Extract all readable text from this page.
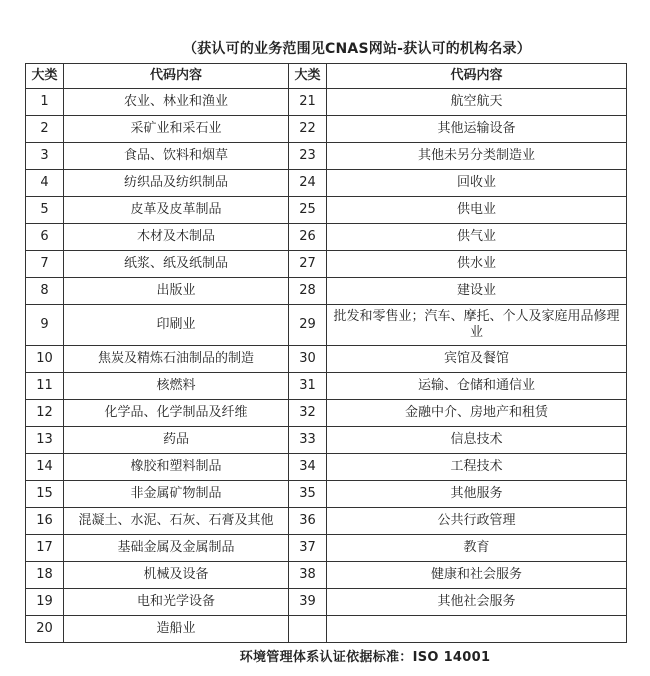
（获认可的业务范围见CNAS网站-获认可的机构名录）
大类	代码内容	大类	代码内容
1	农业、林业和渔业	21	航空航天
2	采矿业和采石业	22	其他运输设备
3	食品、饮料和烟草	23	其他未另分类制造业
4	纺织品及纺织制品	24	回收业
5	皮革及皮革制品	25	供电业
6	木材及木制品	26	供气业
7	纸浆、纸及纸制品	27	供水业
8	出版业	28	建设业
9	印刷业	29	批发和零售业；汽车、摩托、个人及家庭用品修理业
10	焦炭及精炼石油制品的制造	30	宾馆及餐馆
11	核燃料	31	运输、仓储和通信业
12	化学品、化学制品及纤维	32	金融中介、房地产和租赁
13	药品	33	信息技术
14	橡胶和塑料制品	34	工程技术
15	非金属矿物制品	35	其他服务
16	混凝土、水泥、石灰、石膏及其他	36	公共行政管理
17	基础金属及金属制品	37	教育
18	机械及设备	38	健康和社会服务
19	电和光学设备	39	其他社会服务
20	造船业		
环境管理体系认证依据标准：ISO 14001
